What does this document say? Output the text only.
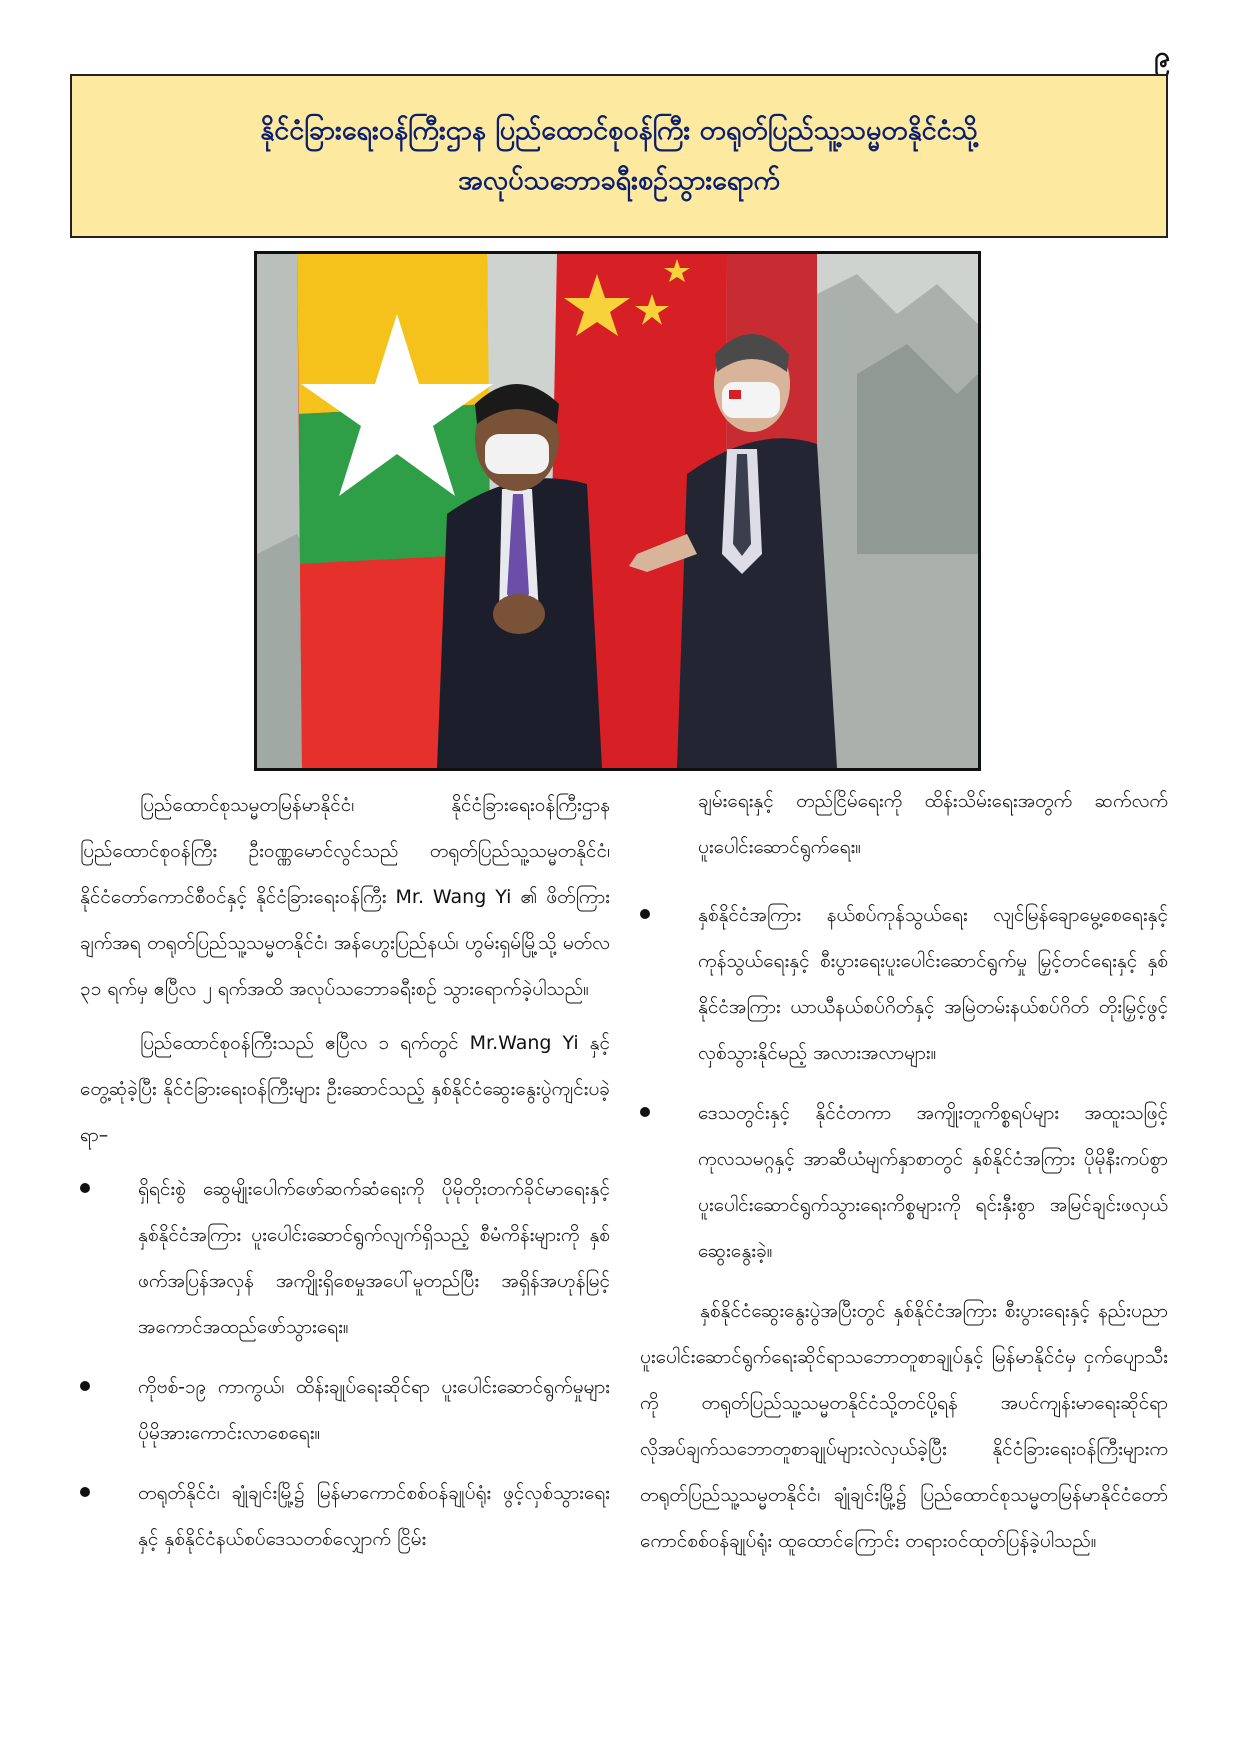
၉
နိုင်ငံခြားရေးဝန်ကြီးဌာန ပြည်ထောင်စုဝန်ကြီး တရုတ်ပြည်သူ့သမ္မတနိုင်ငံသို့
အလုပ်သဘောခရီးစဉ်သွားရောက်

ပြည်ထောင်စုသမ္မတမြန်မာနိုင်ငံ၊ နိုင်ငံခြားရေးဝန်ကြီးဌာန ပြည်ထောင်စုဝန်ကြီး ဦးဝဏ္ဏမောင်လွင်သည် တရုတ်ပြည်သူ့သမ္မတနိုင်ငံ၊ နိုင်ငံတော်ကောင်စီဝင်နှင့် နိုင်ငံခြားရေးဝန်ကြီး Mr. Wang Yi ၏ ဖိတ်ကြားချက်အရ တရုတ်ပြည်သူ့သမ္မတနိုင်ငံ၊ အန်ဟွေးပြည်နယ်၊ ဟွမ်းရှမ်မြို့သို့ မတ်လ ၃၁ ရက်မှ ဧပြီလ ၂ ရက်အထိ အလုပ်သဘောခရီးစဉ် သွားရောက်ခဲ့ပါသည်။

ပြည်ထောင်စုဝန်ကြီးသည် ဧပြီလ ၁ ရက်တွင် Mr.Wang Yi နှင့်တွေ့ဆုံခဲ့ပြီး နိုင်ငံခြားရေးဝန်ကြီးများ ဦးဆောင်သည့် နှစ်နိုင်ငံဆွေးနွေးပွဲကျင်းပခဲ့ရာ–

ရှိရင်းစွဲ ဆွေမျိုးပေါက်ဖော်ဆက်ဆံရေးကို ပိုမိုတိုးတက်ခိုင်မာရေးနှင့် နှစ်နိုင်ငံအကြား ပူးပေါင်းဆောင်ရွက်လျက်ရှိသည့် စီမံကိန်းများကို နှစ်ဖက်အပြန်အလှန် အကျိုးရှိစေမှုအပေါ်မူတည်ပြီး အရှိန်အဟုန်မြင့် အကောင်အထည်ဖော်သွားရေး။
ကိုဗစ်-၁၉ ကာကွယ်၊ ထိန်းချုပ်ရေးဆိုင်ရာ ပူးပေါင်းဆောင်ရွက်မှုများ ပိုမိုအားကောင်းလာစေရေး။
တရုတ်နိုင်ငံ၊ ချုံချင်းမြို့၌ မြန်မာကောင်စစ်ဝန်ချုပ်ရုံး ဖွင့်လှစ်သွားရေးနှင့် နှစ်နိုင်ငံနယ်စပ်ဒေသတစ်လျှောက် ငြိမ်း
ချမ်းရေးနှင့် တည်ငြိမ်ရေးကို ထိန်းသိမ်းရေးအတွက် ဆက်လက်ပူးပေါင်းဆောင်ရွက်ရေး။
နှစ်နိုင်ငံအကြား နယ်စပ်ကုန်သွယ်ရေး လျင်မြန်ချောမွေ့စေရေးနှင့် ကုန်သွယ်ရေးနှင့် စီးပွားရေးပူးပေါင်းဆောင်ရွက်မှု မြှင့်တင်ရေးနှင့် နှစ်နိုင်ငံအကြား ယာယီနယ်စပ်ဂိတ်နှင့် အမြဲတမ်းနယ်စပ်ဂိတ် တိုးမြှင့်ဖွင့်လှစ်သွားနိုင်မည့် အလားအလာများ။
ဒေသတွင်းနှင့် နိုင်ငံတကာ အကျိုးတူကိစ္စရပ်များ အထူးသဖြင့် ကုလသမဂ္ဂနှင့် အာဆီယံမျက်နှာစာတွင် နှစ်နိုင်ငံအကြား ပိုမိုနီးကပ်စွာ ပူးပေါင်းဆောင်ရွက်သွားရေးကိစ္စများကို ရင်းနှီးစွာ အမြင်ချင်းဖလှယ်ဆွေးနွေးခဲ့။

နှစ်နိုင်ငံဆွေးနွေးပွဲအပြီးတွင် နှစ်နိုင်ငံအကြား စီးပွားရေးနှင့် နည်းပညာပူးပေါင်းဆောင်ရွက်ရေးဆိုင်ရာသဘောတူစာချုပ်နှင့် မြန်မာနိုင်ငံမှ ငှက်ပျောသီးကို တရုတ်ပြည်သူ့သမ္မတနိုင်ငံသို့တင်ပို့ရန် အပင်ကျန်းမာရေးဆိုင်ရာ လိုအပ်ချက်သဘောတူစာချုပ်များလဲလှယ်ခဲ့ပြီး နိုင်ငံခြားရေးဝန်ကြီးများက တရုတ်ပြည်သူ့သမ္မတနိုင်ငံ၊ ချုံချင်းမြို့၌ ပြည်ထောင်စုသမ္မတမြန်မာနိုင်ငံတော်ကောင်စစ်ဝန်ချုပ်ရုံး ထူထောင်ကြောင်း တရားဝင်ထုတ်ပြန်ခဲ့ပါသည်။
